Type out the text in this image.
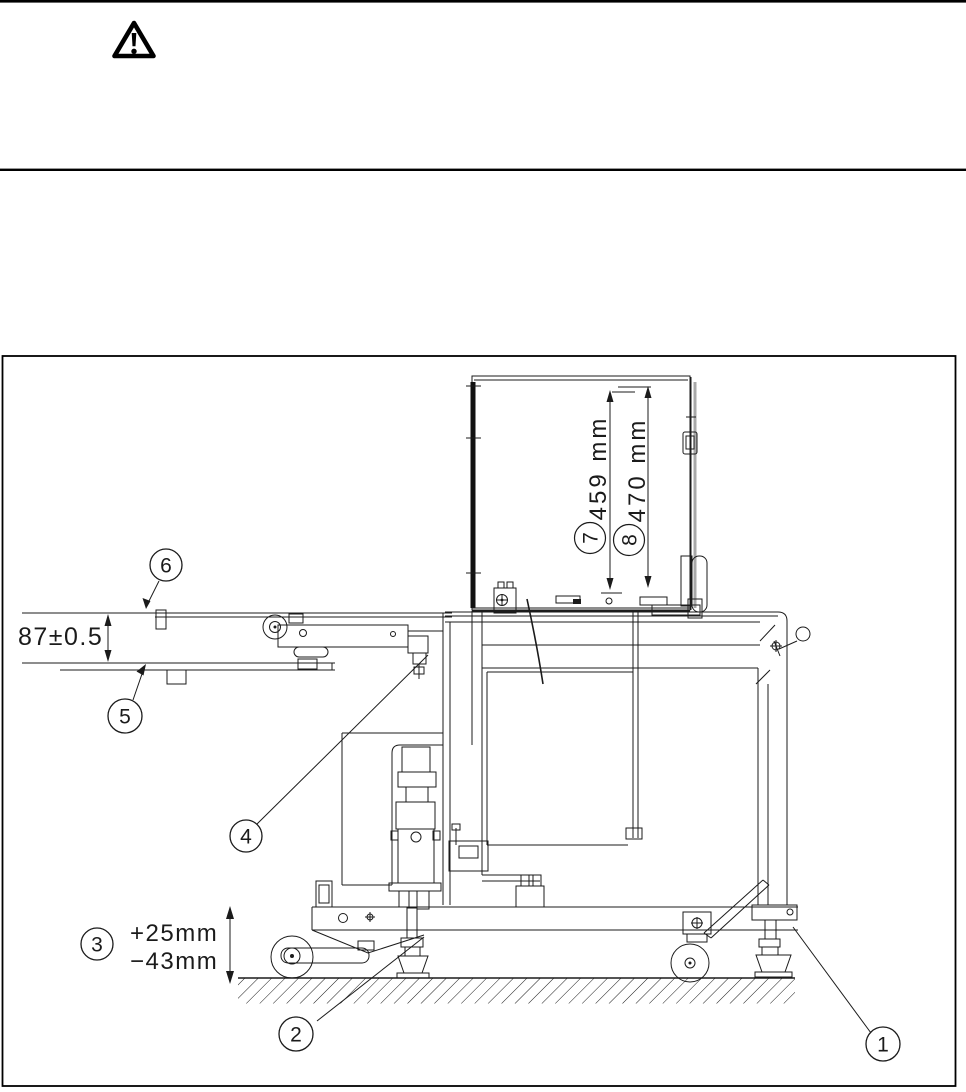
459 mm
7
470 mm
8
87±0.5
+25mm
−43mm
1
2
3
4
5
6
